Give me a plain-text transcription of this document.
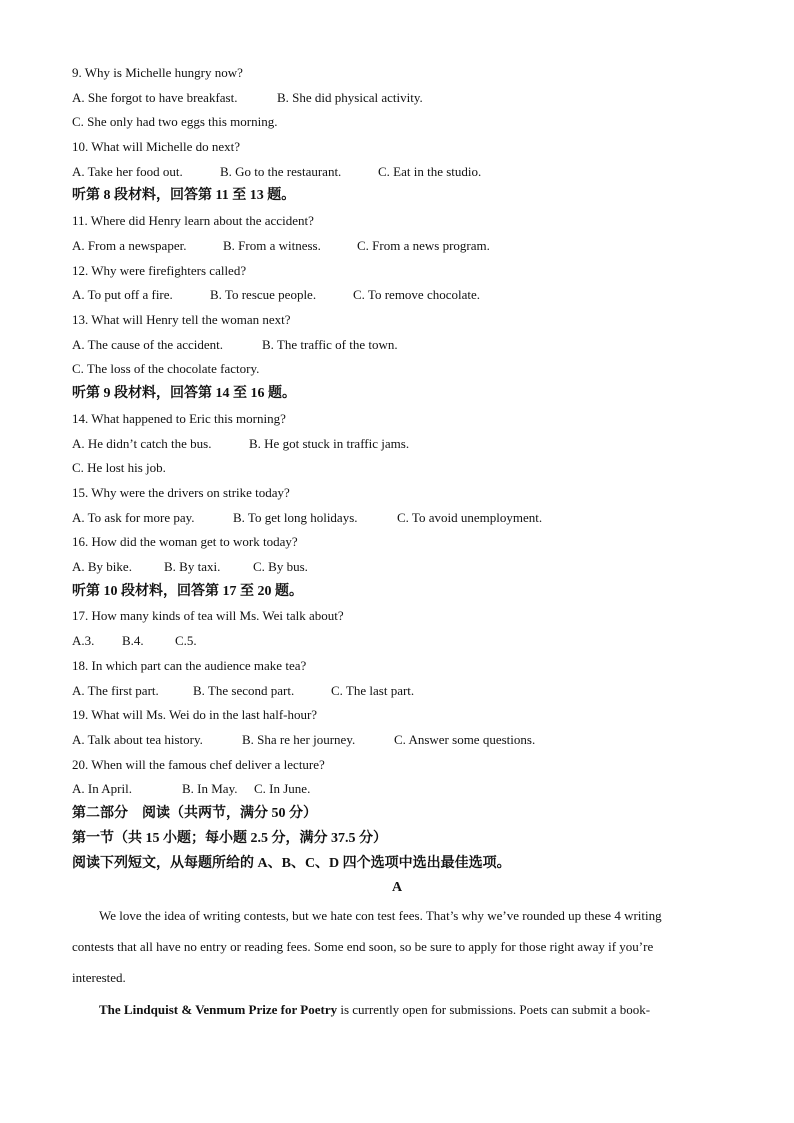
9. Why is Michelle hungry now?
A. She forgot to have breakfast.	B. She did physical activity.
C. She only had two eggs this morning.
10. What will Michelle do next?
A. Take her food out.	B. Go to the restaurant.	C. Eat in the studio.
听第 8 段材料，回答第 11 至 13 题。
11. Where did Henry learn about the accident?
A. From a newspaper.	B. From a witness.	C. From a news program.
12. Why were firefighters called?
A. To put off a fire.	B. To rescue people.	C. To remove chocolate.
13. What will Henry tell the woman next?
A. The cause of the accident.	B. The traffic of the town.
C. The loss of the chocolate factory.
听第 9 段材料，回答第 14 至 16 题。
14. What happened to Eric this morning?
A. He didn’t catch the bus.	B. He got stuck in traffic jams.
C. He lost his job.
15. Why were the drivers on strike today?
A. To ask for more pay.	B. To get long holidays.	C. To avoid unemployment.
16. How did the woman get to work today?
A. By bike. B. By taxi.	C. By bus.
听第 10 段材料，回答第 17 至 20 题。
17. How many kinds of tea will Ms. Wei talk about?
A.3. B.4. C.5.
18. In which part can the audience make tea?
A. The first part.	B. The second part.	C. The last part.
19. What will Ms. Wei do in the last half-hour?
A. Talk about tea history.	B. Sha re her journey.	C. Answer some questions.
20. When will the famous chef deliver a lecture?
A. In April.	B. In May. C. In June.
第二部分　阅读（共两节，满分 50 分）
第一节（共 15 小题；每小题 2.5 分，满分 37.5 分）
阅读下列短文，从每题所给的 A、B、C、D 四个选项中选出最佳选项。
A
We love the idea of writing contests, but we hate con test fees. That’s why we’ve rounded up these 4 writing
contests that all have no entry or reading fees. Some end soon, so be sure to apply for those right away if you’re
interested.
The Lindquist & Venmum Prize for Poetry is currently open for submissions. Poets can submit a book-
